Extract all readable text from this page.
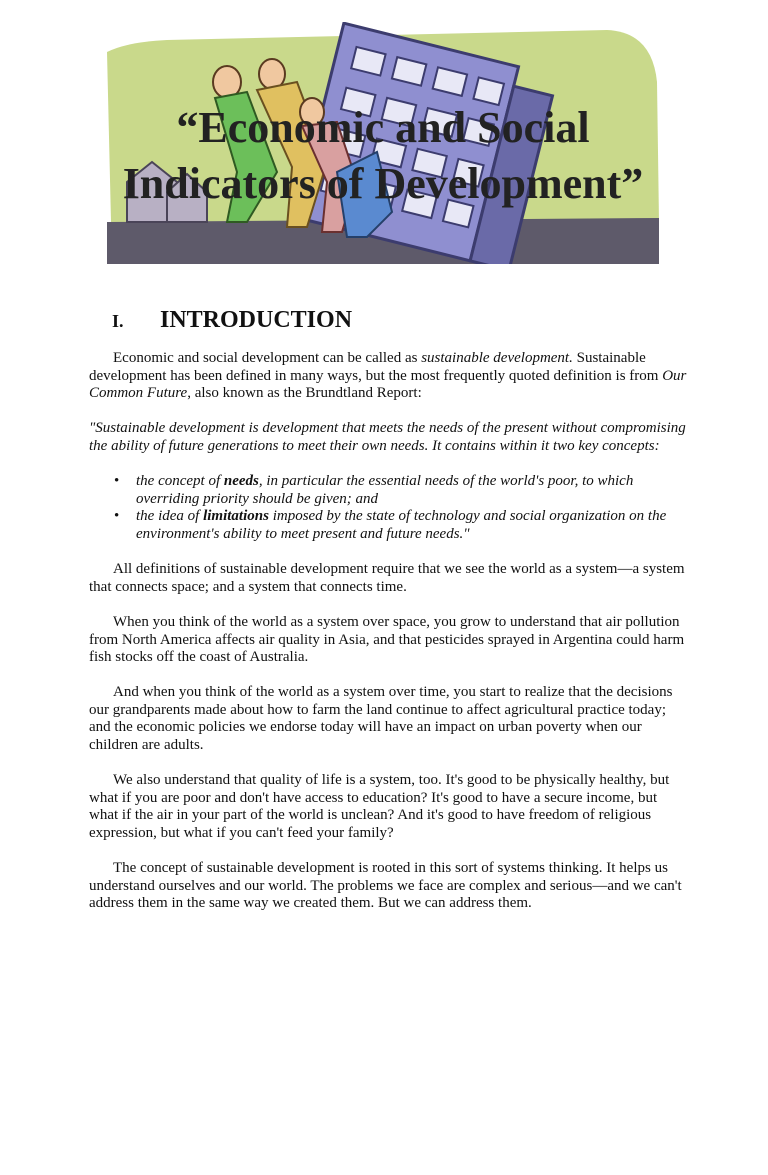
“Economic and Social
Indicators of Development”
I. INTRODUCTION

Economic and social development can be called as sustainable development. Sustainable development has been defined in many ways, but the most frequently quoted definition is from Our Common Future, also known as the Brundtland Report:

"Sustainable development is development that meets the needs of the present without compromising the ability of future generations to meet their own needs. It contains within it two key concepts:

• the concept of needs, in particular the essential needs of the world's poor, to which overriding priority should be given; and
• the idea of limitations imposed by the state of technology and social organization on the environment's ability to meet present and future needs."

All definitions of sustainable development require that we see the world as a system—a system that connects space; and a system that connects time.

When you think of the world as a system over space, you grow to understand that air pollution from North America affects air quality in Asia, and that pesticides sprayed in Argentina could harm fish stocks off the coast of Australia.

And when you think of the world as a system over time, you start to realize that the decisions our grandparents made about how to farm the land continue to affect agricultural practice today; and the economic policies we endorse today will have an impact on urban poverty when our children are adults.

We also understand that quality of life is a system, too. It's good to be physically healthy, but what if you are poor and don't have access to education? It's good to have a secure income, but what if the air in your part of the world is unclean? And it's good to have freedom of religious expression, but what if you can't feed your family?

The concept of sustainable development is rooted in this sort of systems thinking. It helps us understand ourselves and our world. The problems we face are complex and serious—and we can't address them in the same way we created them. But we can address them.
